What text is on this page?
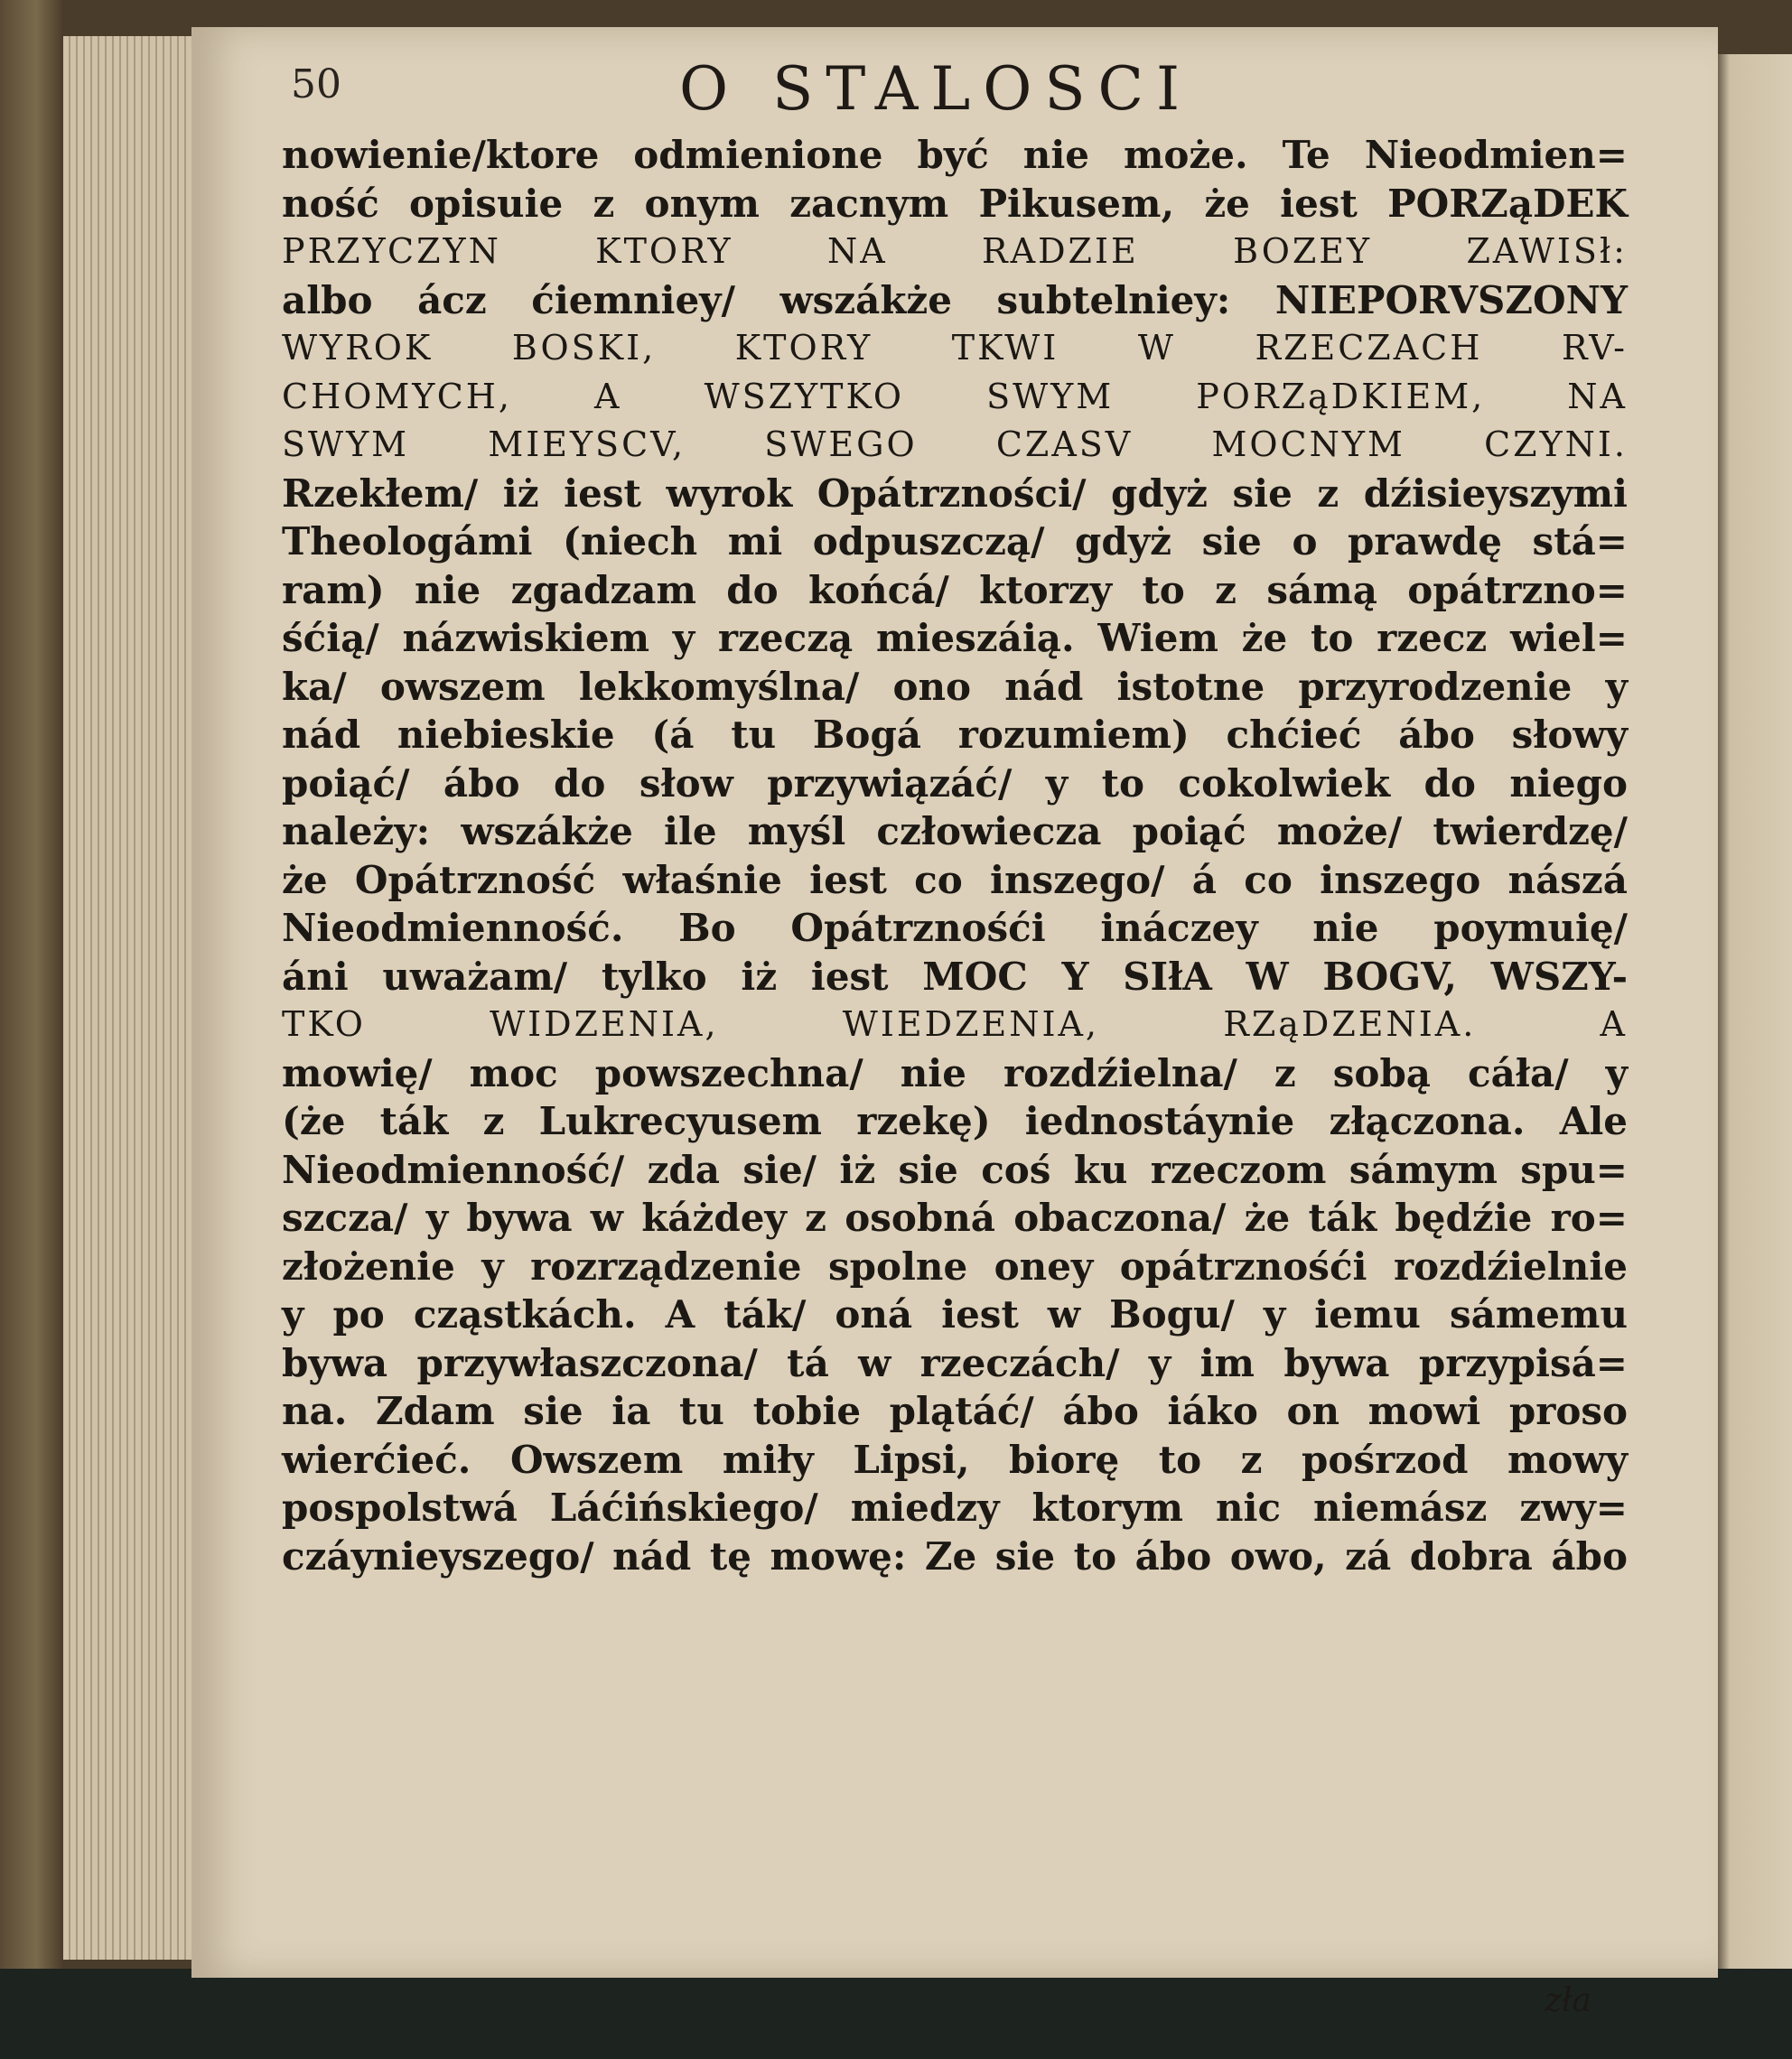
50	O STALOSCI
nowienie/ktore odmienione być nie może. Te Nieodmien=
ność opisuie z onym zacnym Pikusem, że iest PORZąDEK
PRZYCZYN KTORY NA RADZIE BOZEY ZAWISł:
albo ácz ćiemniey/ wszákże subtelniey: NIEPORVSZONY
WYROK BOSKI, KTORY TKWI W RZECZACH RV-
CHOMYCH, A WSZYTKO SWYM PORZąDKIEM, NA
SWYM MIEYSCV, SWEGO CZASV MOCNYM CZYNI.
Rzekłem/ iż iest wyrok Opátrzności/ gdyż sie z dźisieyszymi
Theologámi (niech mi odpuszczą/ gdyż sie o prawdę stá=
ram) nie zgadzam do końcá/ ktorzy to z sámą opátrzno=
śćią/ názwiskiem y rzeczą mieszáią. Wiem że to rzecz wiel=
ka/ owszem lekkomyślna/ ono nád istotne przyrodzenie y
nád niebieskie (á tu Bogá rozumiem) chćieć ábo słowy
poiąć/ ábo do słow przywiązáć/ y to cokolwiek do niego
należy: wszákże ile myśl człowiecza poiąć może/ twierdzę/
że Opátrzność właśnie iest co inszego/ á co inszego nászá
Nieodmienność. Bo Opátrznośći ináczey nie poymuię/
áni uważam/ tylko iż iest MOC Y SIłA W BOGV, WSZY-
TKO WIDZENIA, WIEDZENIA, RZąDZENIA. A
mowię/ moc powszechna/ nie rozdźielna/ z sobą cáła/ y
(że ták z Lukrecyusem rzekę) iednostáynie złączona. Ale
Nieodmienność/ zda sie/ iż sie coś ku rzeczom sámym spu=
szcza/ y bywa w káżdey z osobná obaczona/ że ták będźie ro=
złożenie y rozrządzenie spolne oney opátrznośći rozdźielnie
y po cząstkách. A ták/ oná iest w Bogu/ y iemu sámemu
bywa przywłaszczona/ tá w rzeczách/ y im bywa przypisá=
na. Zdam sie ia tu tobie plątáć/ ábo iáko on mowi proso
wierćieć. Owszem miły Lipsi, biorę to z pośrzod mowy
pospolstwá Láćińskiego/ miedzy ktorym nic niemász zwy=
czáynieyszego/ nád tę mowę: Ze sie to ábo owo, zá dobra ábo
zła
